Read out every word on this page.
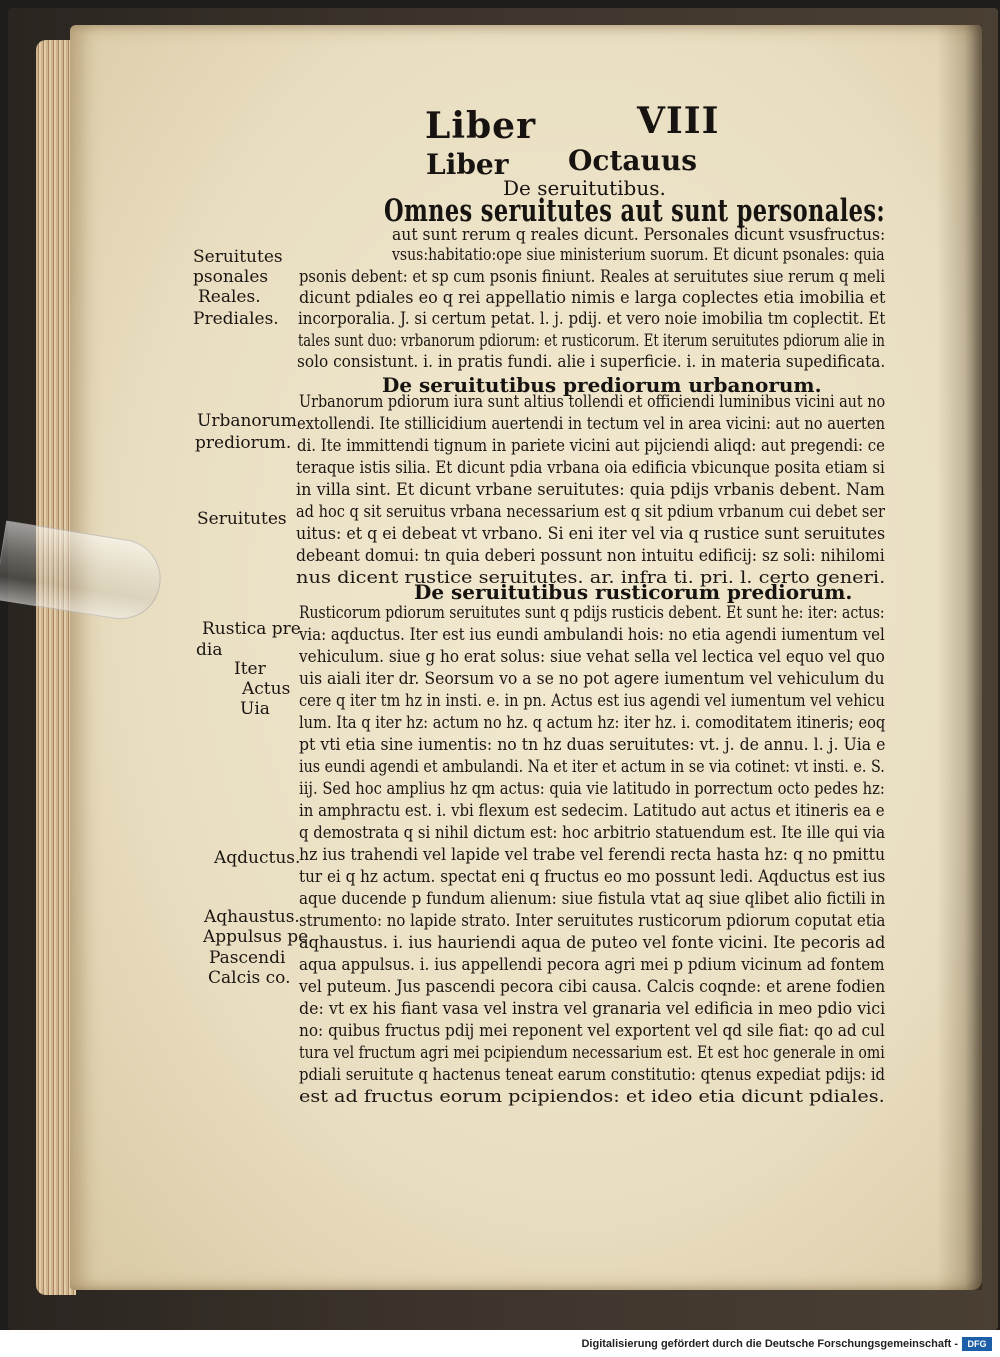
Liber	VIII
Liber Octauus
De seruitutibus.
Omnes seruitutes aut sunt personales:
De seruitutibus prediorum urbanorum.
De seruitutibus rusticorum prediorum.
Seruitutes
psonales
Reales.
Prediales.
Urbanorum
prediorum.
Seruitutes
Rustica pre
dia
Iter
Actus
Uia
Aqductus.
Aqhaustus.
Appulsus pe.
Pascendi
Calcis co.
Digitalisierung gefördert durch die Deutsche Forschungsgemeinschaft -	DFG
